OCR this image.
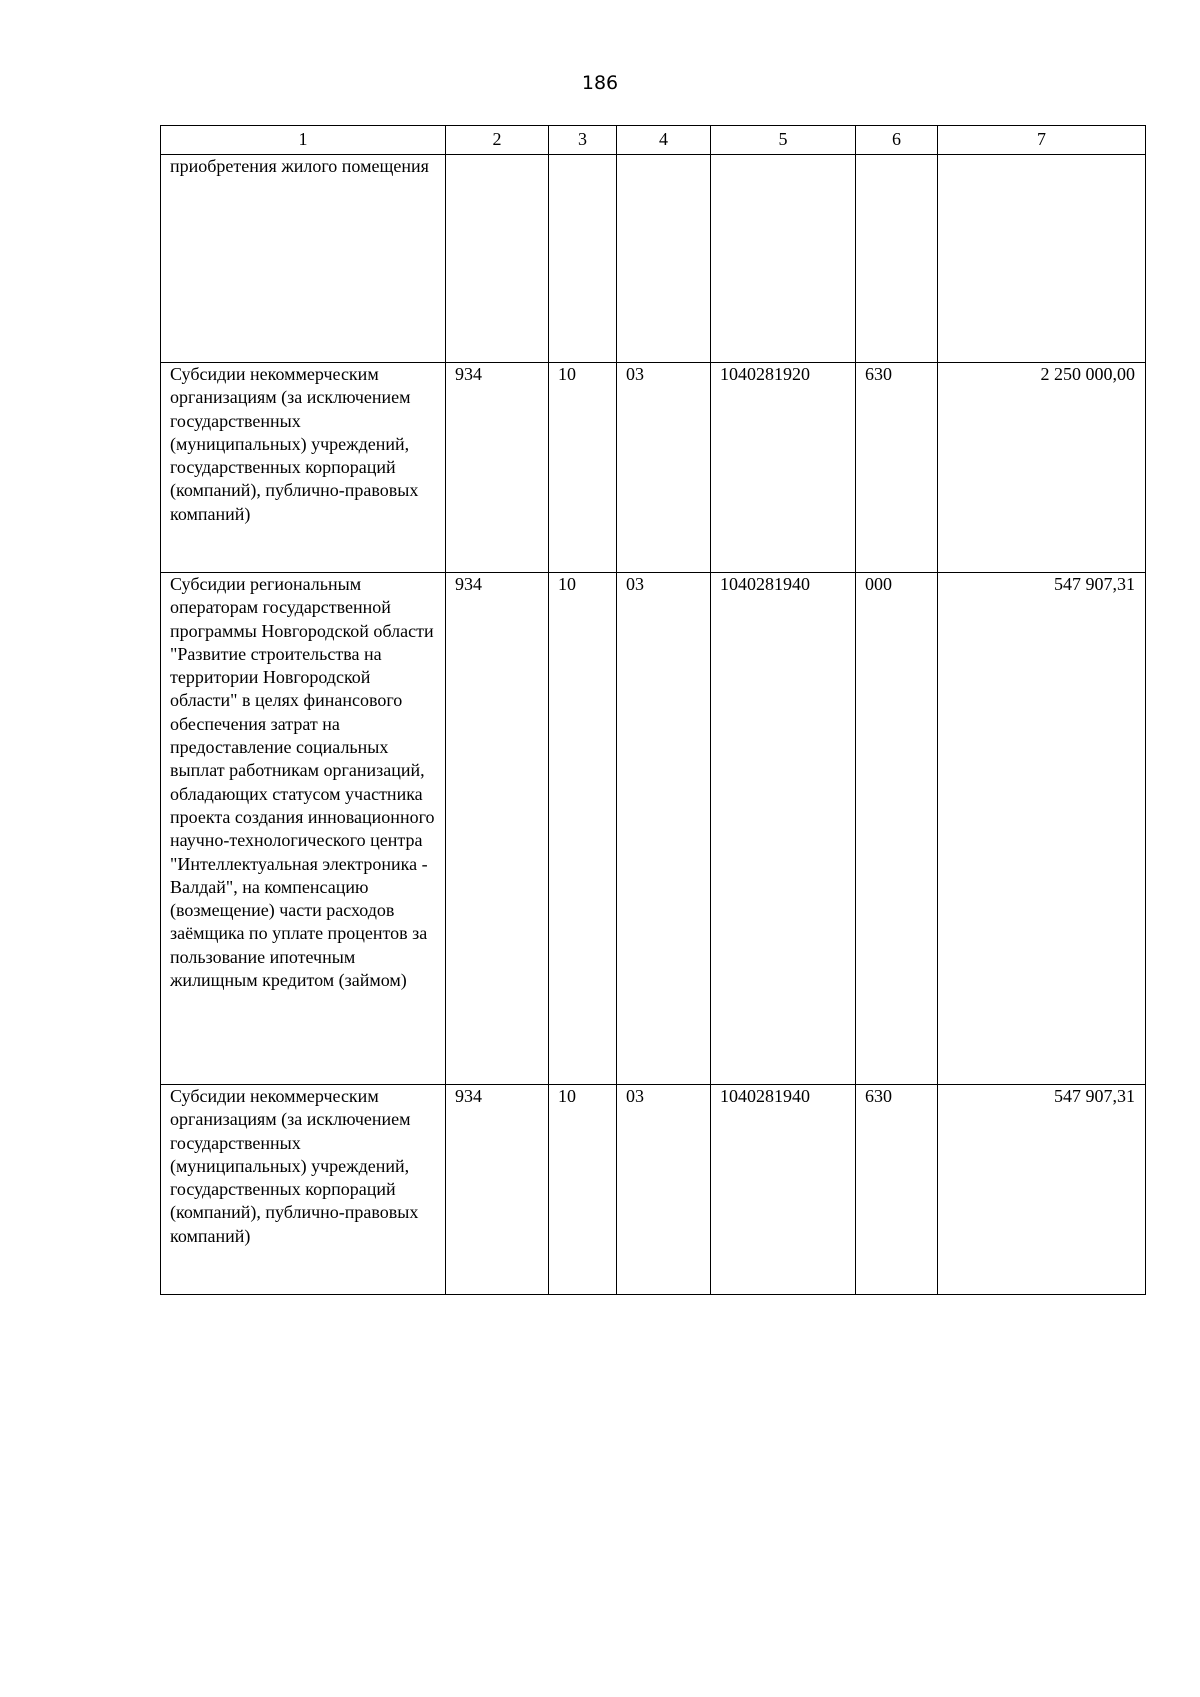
186
1	2	3	4	5	6	7
приобретения жилого помещения						
Субсидии некоммерческим организациям (за исключением государственных (муниципальных) учреждений, государственных корпораций (компаний), публично-правовых компаний)	934	10	03	1040281920	630	2 250 000,00
Субсидии региональным операторам государственной программы Новгородской области "Развитие строительства на территории Новгородской области" в целях финансового обеспечения затрат на предоставление социальных выплат работникам организаций, обладающих статусом участника проекта создания инновационного научно-технологического центра "Интеллектуальная электроника - Валдай", на компенсацию (возмещение) части расходов заёмщика по уплате процентов за пользование ипотечным жилищным кредитом (займом)	934	10	03	1040281940	000	547 907,31
Субсидии некоммерческим организациям (за исключением государственных (муниципальных) учреждений, государственных корпораций (компаний), публично-правовых компаний)	934	10	03	1040281940	630	547 907,31
